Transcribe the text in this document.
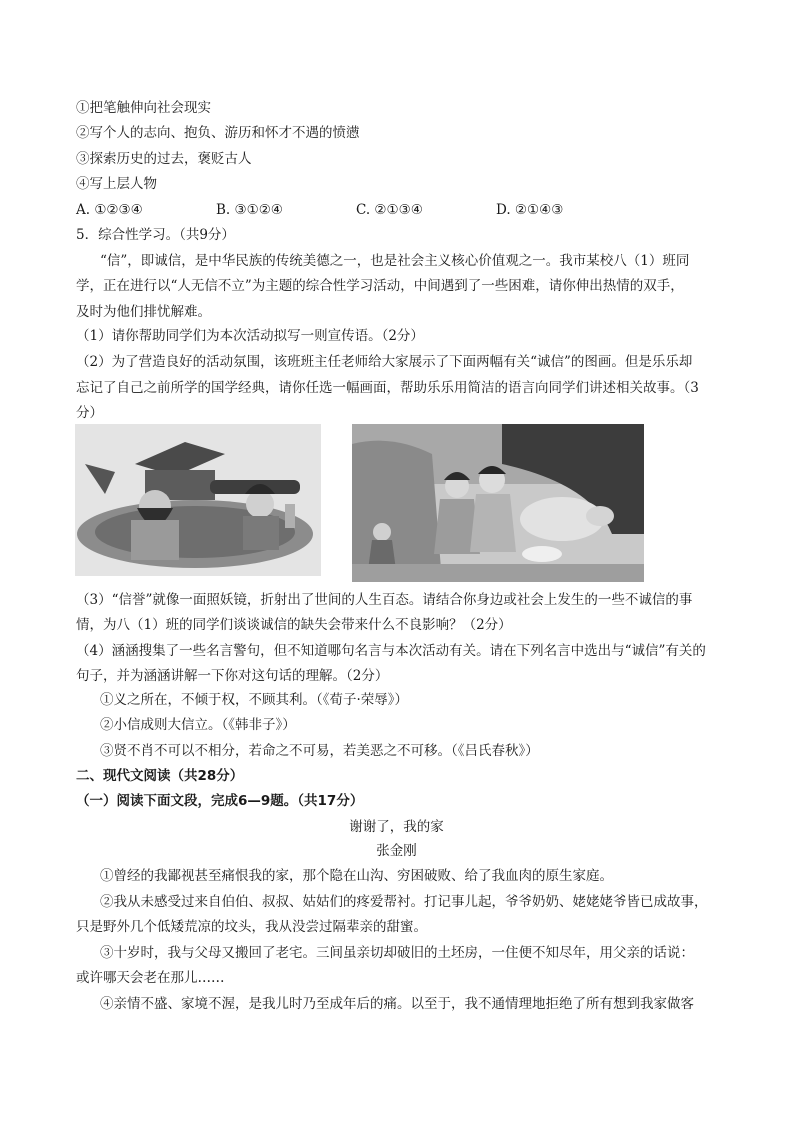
①把笔触伸向社会现实
②写个人的志向、抱负、游历和怀才不遇的愤懑
③探索历史的过去，褒贬古人
④写上层人物
A. ①②③④	B. ③①②④	C. ②①③④	D. ②①④③
5．综合性学习。（共9分）
“信”，即诚信，是中华民族的传统美德之一，也是社会主义核心价值观之一。我市某校八（1）班同
学，正在进行以“人无信不立”为主题的综合性学习活动，中间遇到了一些困难，请你伸出热情的双手，
及时为他们排忧解难。
（1）请你帮助同学们为本次活动拟写一则宣传语。（2分）
（2）为了营造良好的活动氛围，该班班主任老师给大家展示了下面两幅有关“诚信”的图画。但是乐乐却
忘记了自己之前所学的国学经典，请你任选一幅画面，帮助乐乐用简洁的语言向同学们讲述相关故事。（3
分）
（3）“信誉”就像一面照妖镜，折射出了世间的人生百态。请结合你身边或社会上发生的一些不诚信的事
情，为八（1）班的同学们谈谈诚信的缺失会带来什么不良影响？（2分）
（4）涵涵搜集了一些名言警句，但不知道哪句名言与本次活动有关。请在下列名言中选出与“诚信”有关的
句子，并为涵涵讲解一下你对这句话的理解。（2分）
①义之所在，不倾于权，不顾其利。（《荀子·荣辱》）
②小信成则大信立。（《韩非子》）
③贤不肖不可以不相分，若命之不可易，若美恶之不可移。（《吕氏春秋》）
二、现代文阅读（共28分）
（一）阅读下面文段，完成6—9题。（共17分）
谢谢了，我的家
张金刚
①曾经的我鄙视甚至痛恨我的家，那个隐在山沟、穷困破败、给了我血肉的原生家庭。
②我从未感受过来自伯伯、叔叔、姑姑们的疼爱帮衬。打记事儿起，爷爷奶奶、姥姥姥爷皆已成故事，
只是野外几个低矮荒凉的坟头，我从没尝过隔辈亲的甜蜜。
③十岁时，我与父母又搬回了老宅。三间虽亲切却破旧的土坯房，一住便不知尽年，用父亲的话说：
或许哪天会老在那儿……
④亲情不盛、家境不渥，是我儿时乃至成年后的痛。以至于，我不通情理地拒绝了所有想到我家做客
